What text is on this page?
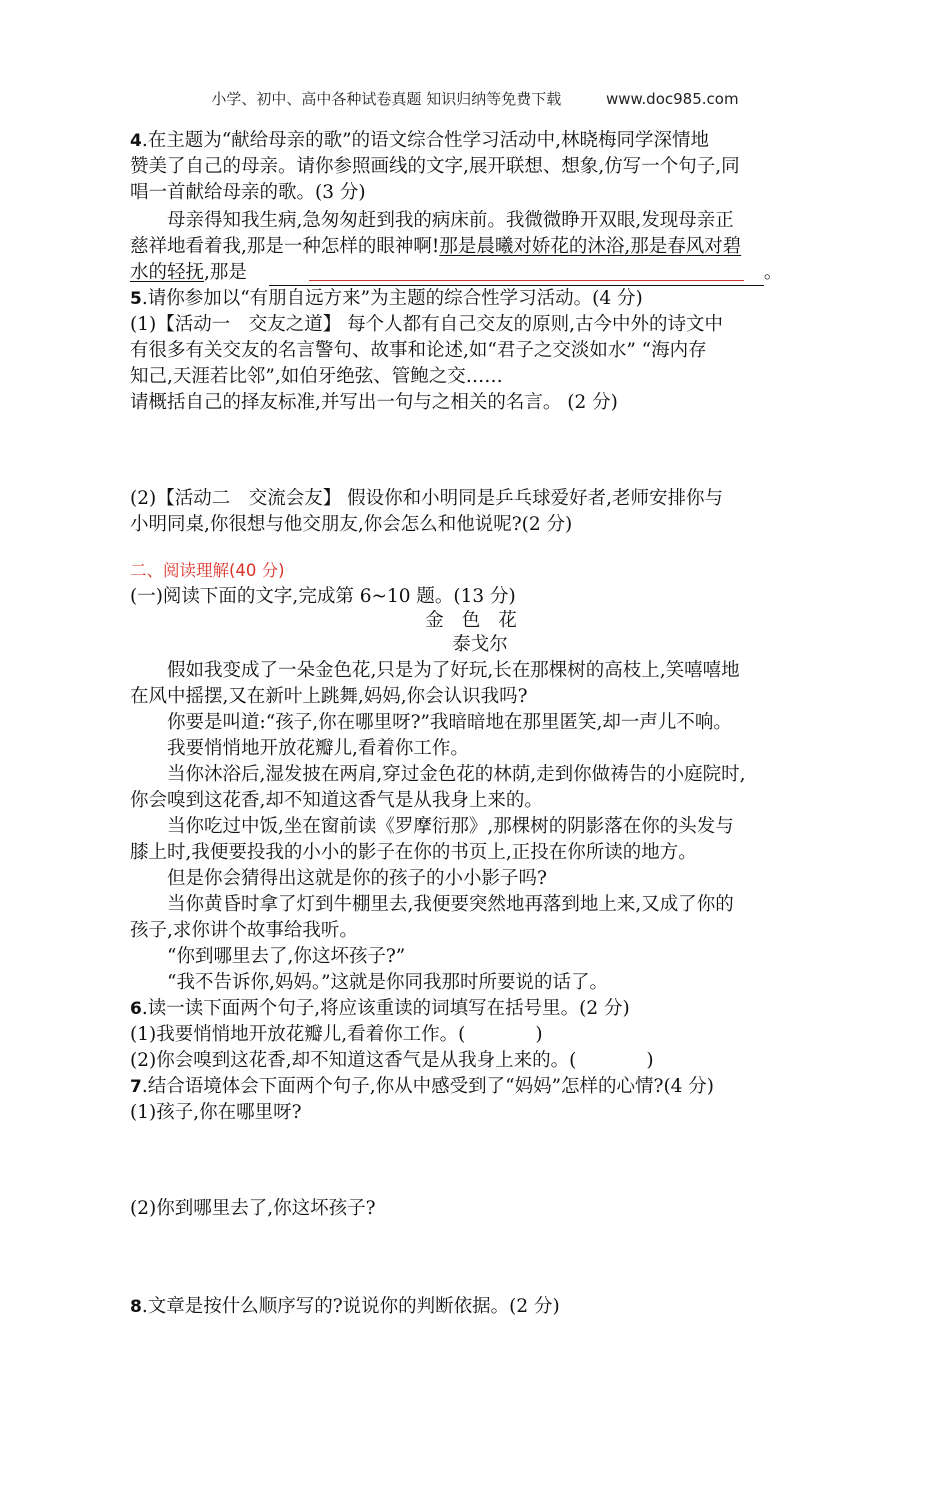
小学、初中、高中各种试卷真题 知识归纳等免费下载	www.doc985.com
4.在主题为“献给母亲的歌”的语文综合性学习活动中,林晓梅同学深情地
赞美了自己的母亲。请你参照画线的文字,展开联想、想象,仿写一个句子,同
唱一首献给母亲的歌。(3 分)
母亲得知我生病,急匆匆赶到我的病床前。我微微睁开双眼,发现母亲正
慈祥地看着我,那是一种怎样的眼神啊!那是晨曦对娇花的沐浴,那是春风对碧
水的轻抚,那是	。
5.请你参加以“有朋自远方来”为主题的综合性学习活动。(4 分)
(1)【活动一　交友之道】 每个人都有自己交友的原则,古今中外的诗文中
有很多有关交友的名言警句、故事和论述,如“君子之交淡如水” “海内存
知己,天涯若比邻”,如伯牙绝弦、管鲍之交……
请概括自己的择友标准,并写出一句与之相关的名言。 (2 分)
(2)【活动二　交流会友】 假设你和小明同是乒乓球爱好者,老师安排你与
小明同桌,你很想与他交朋友,你会怎么和他说呢?(2 分)
二、阅读理解(40 分)
(一)阅读下面的文字,完成第 6~10 题。(13 分)
金色花
泰戈尔
假如我变成了一朵金色花,只是为了好玩,长在那棵树的高枝上,笑嘻嘻地
在风中摇摆,又在新叶上跳舞,妈妈,你会认识我吗?
你要是叫道:“孩子,你在哪里呀?”我暗暗地在那里匿笑,却一声儿不响。
我要悄悄地开放花瓣儿,看着你工作。
当你沐浴后,湿发披在两肩,穿过金色花的林荫,走到你做祷告的小庭院时,
你会嗅到这花香,却不知道这香气是从我身上来的。
当你吃过中饭,坐在窗前读《罗摩衍那》,那棵树的阴影落在你的头发与
膝上时,我便要投我的小小的影子在你的书页上,正投在你所读的地方。
但是你会猜得出这就是你的孩子的小小影子吗?
当你黄昏时拿了灯到牛棚里去,我便要突然地再落到地上来,又成了你的
孩子,求你讲个故事给我听。
“你到哪里去了,你这坏孩子?”
“我不告诉你,妈妈。”这就是你同我那时所要说的话了。
6.读一读下面两个句子,将应该重读的词填写在括号里。(2 分)
(1)我要悄悄地开放花瓣儿,看着你工作。(	)
(2)你会嗅到这花香,却不知道这香气是从我身上来的。(	)
7.结合语境体会下面两个句子,你从中感受到了“妈妈”怎样的心情?(4 分)
(1)孩子,你在哪里呀?
(2)你到哪里去了,你这坏孩子?
8.文章是按什么顺序写的?说说你的判断依据。(2 分)
